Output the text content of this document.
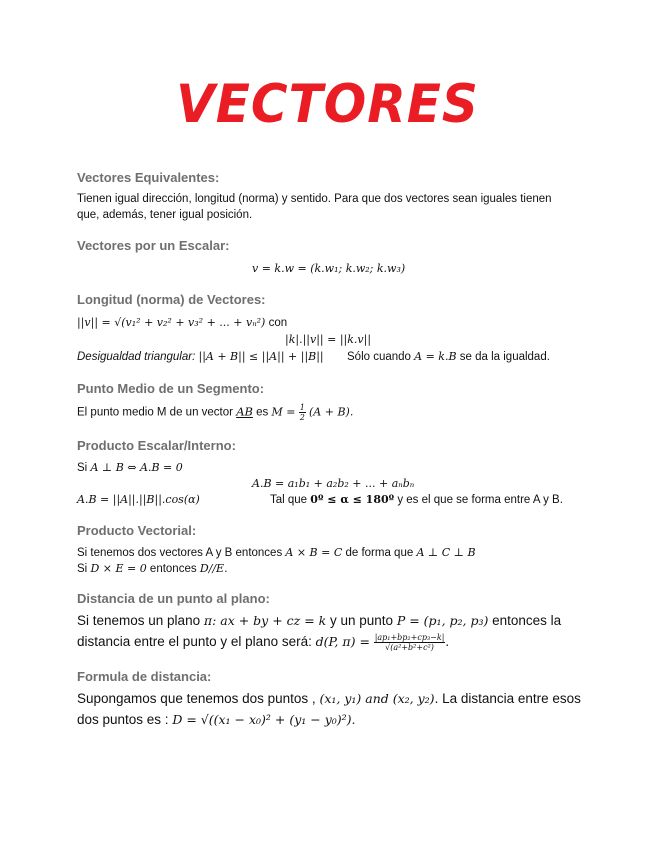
VECTORES
Vectores Equivalentes:
Tienen igual dirección, longitud (norma) y sentido. Para que dos vectores sean iguales tienen
que, además, tener igual posición.
Vectores por un Escalar:
v = k.w = (k.w₁; k.w₂; k.w₃)
Longitud (norma) de Vectores:
||v|| = √(v₁² + v₂² + v₃² + ... + vₙ²) con
|k|.||v|| = ||k.v||
Desigualdad triangular: ||A + B|| ≤ ||A|| + ||B|| Sólo cuando A = k.B se da la igualdad.
Punto Medio de un Segmento:
El punto medio M de un vector AB es $M = \frac{1}{2} (A + B)$.
Producto Escalar/Interno:
Si A ⊥ B ⇔ A.B = 0
A.B = a₁b₁ + a₂b₂ + ... + aₙbₙ
A.B = ||A||.||B||.cos(α)	Tal que 0º ≤ α ≤ 180º y es el que se forma entre A y B.
Producto Vectorial:
Si tenemos dos vectores A y B entonces A × B = C de forma que A ⊥ C ⊥ B
Si D × E = 0 entonces D//E.
Distancia de un punto al plano:
Si tenemos un plano π: ax + by + cz = k y un punto P = (p₁, p₂, p₃) entonces la
distancia entre el punto y el plano será: d(P, $\pi) = \frac{\text{|ap₁+bp₂+cp₃−k|}}{\text{√(a²+b²+c²)}}$ .
Formula de distancia:
Supongamos que tenemos dos puntos , (x₁, y₁) and (x₂, y₂). La distancia entre esos
dos puntos es : D = √((x₁ − x₀)² + (y₁ − y₀)²).
